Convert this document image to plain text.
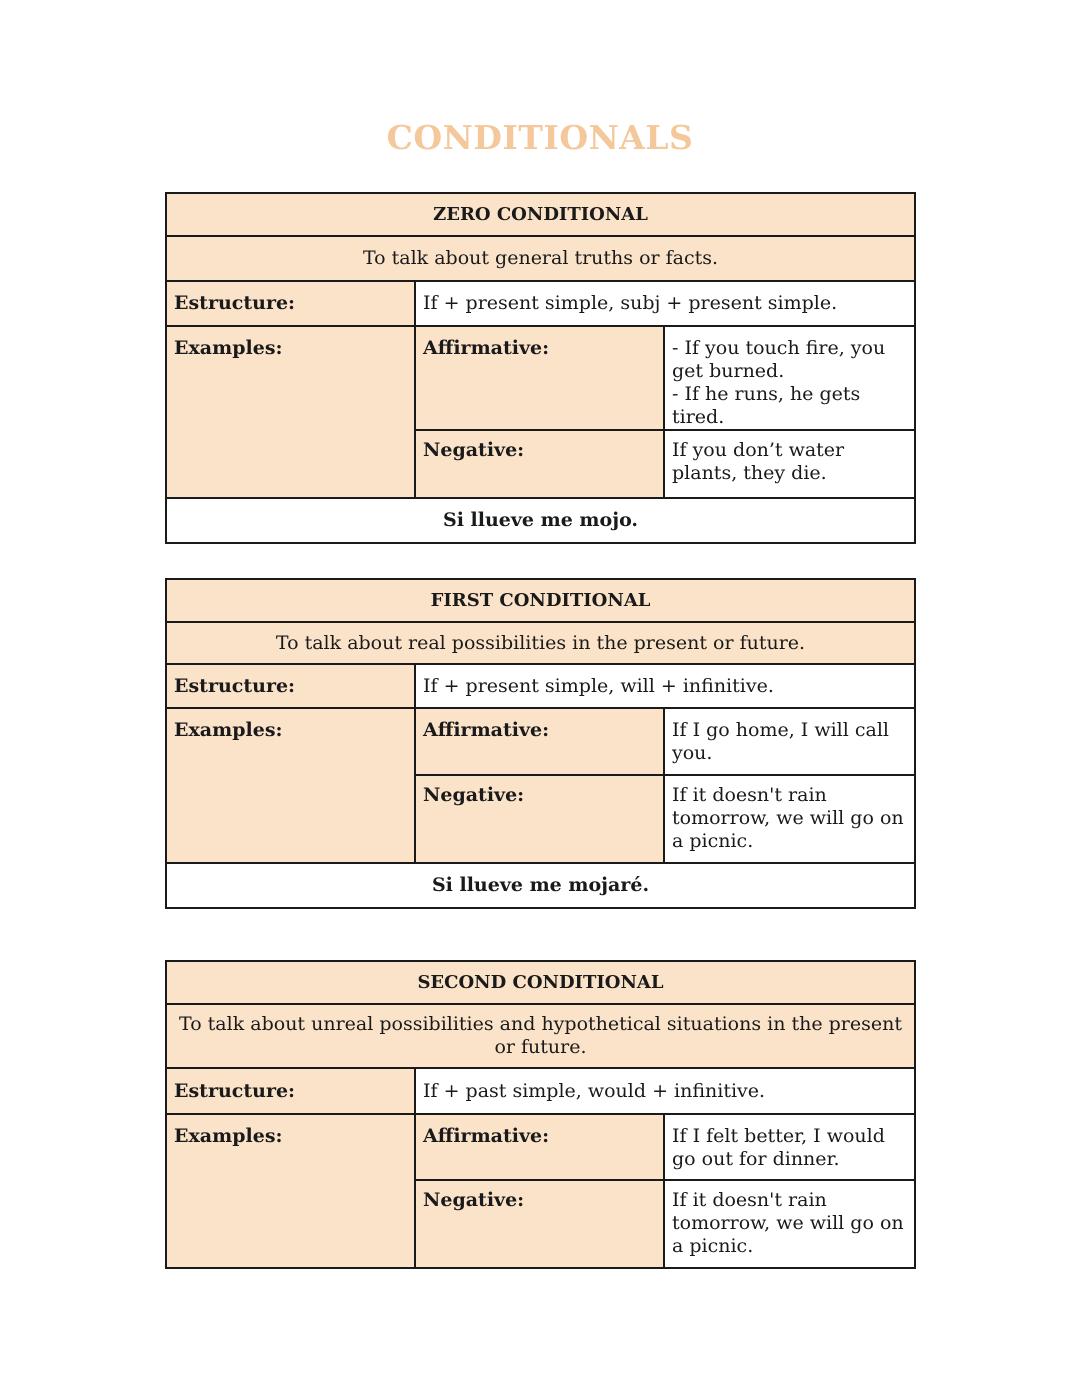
CONDITIONALS
ZERO CONDITIONAL		
To talk about general truths or facts.		
Estructure:	If + present simple, subj + present simple.	
Examples:	Affirmative:	- If you touch fire, you get burned.
- If he runs, he gets tired.

	Negative:	If you don’t water plants, they die.
Si llueve me mojo.		
FIRST CONDITIONAL		
To talk about real possibilities in the present or future.		
Estructure:	If + present simple, will + infinitive.	
Examples:	Affirmative:	If I go home, I will call you.
	Negative:	If it doesn't rain tomorrow, we will go on a picnic.
Si llueve me mojaré.		
SECOND CONDITIONAL		
To talk about unreal possibilities and hypothetical situations in the present or future.		
Estructure:	If + past simple, would + infinitive.	
Examples:	Affirmative:	If I felt better, I would go out for dinner.
	Negative:	If it doesn't rain tomorrow, we will go on a picnic.
